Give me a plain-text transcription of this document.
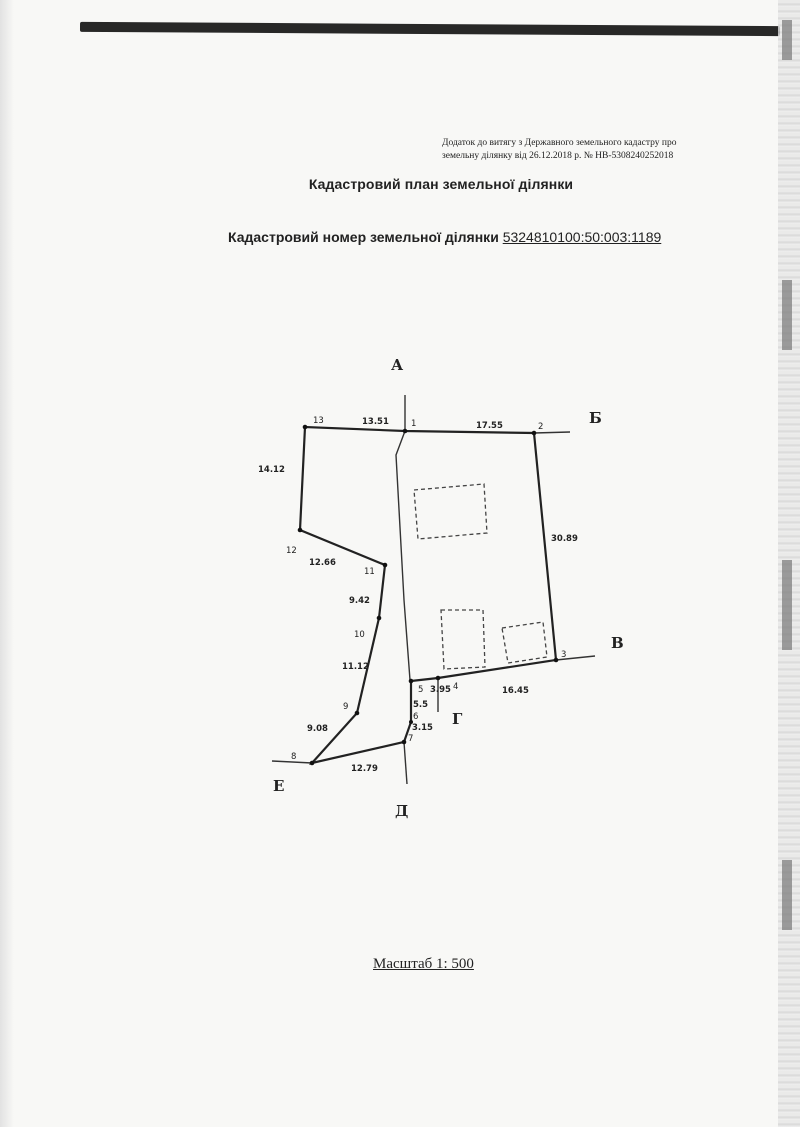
Додаток до витягу з Державного земельного кадастру про
земельну ділянку від 26.12.2018 р. № НВ-5308240252018
Кадастровий план земельної ділянки
Кадастровий номер земельної ділянки 5324810100:50:003:1189
1	2
3
4
5
6
7
8
9
10
11
12
13	13.51	17.55
30.89
16.45
3.95
5.5
3.15
12.79
9.08
11.12
9.42
12.66
14.12
А
Б
В
Г
Д
Е
Масштаб 1: 500
